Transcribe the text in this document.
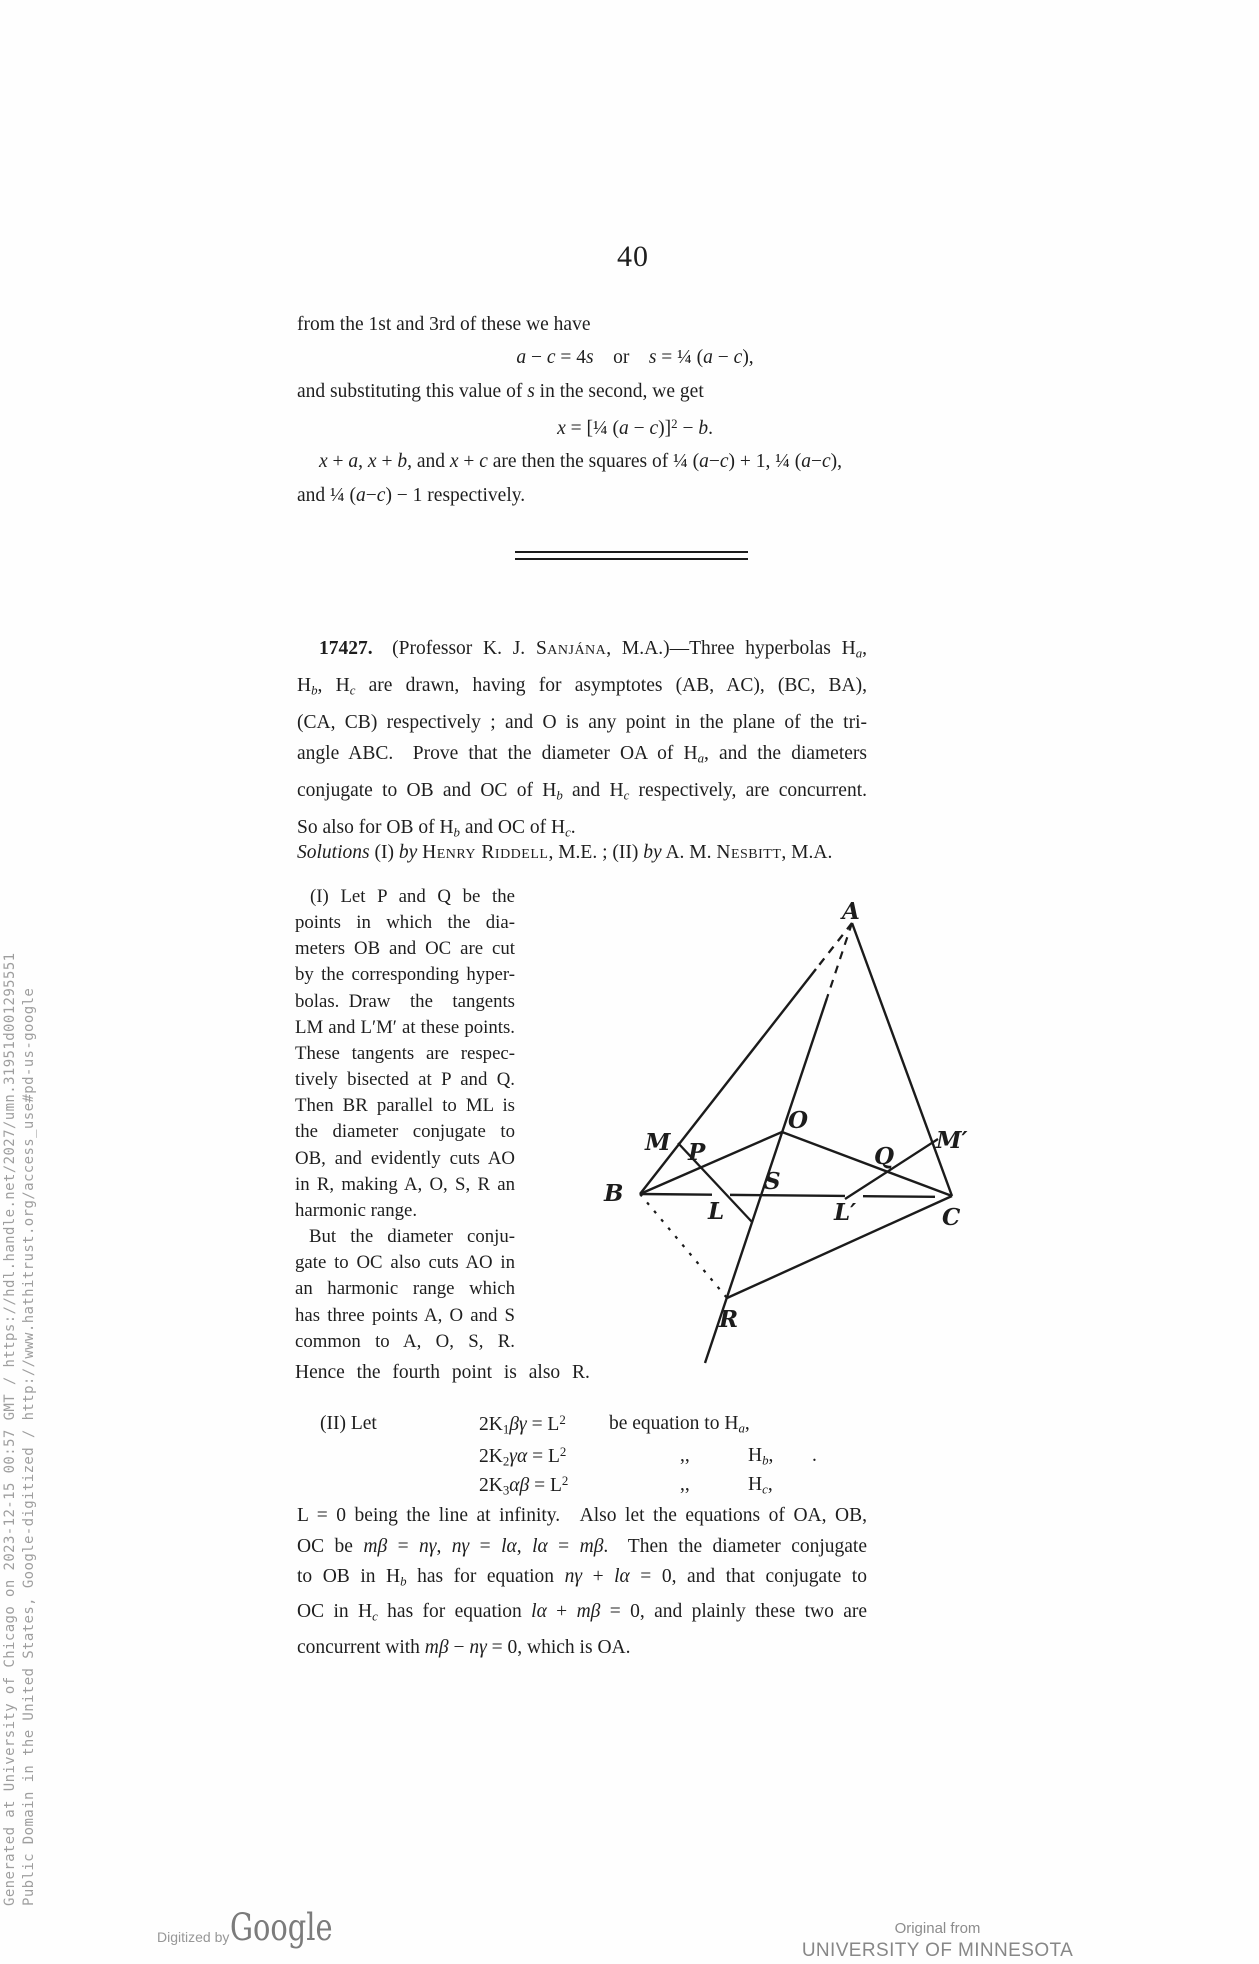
Generated at University of Chicago on 2023-12-15 00:57 GMT / https://hdl.handle.net/2027/umn.31951d001295551 Public Domain in the United States, Google-digitized / http://www.hathitrust.org/access_use#pd-us-google
40
from the 1st and 3rd of these we have
a − c = 4s  or  s = ¼ (a − c),
and substituting this value of s in the second, we get
x = [¼ (a − c)]$^2$ − b.
x + a, x + b, and x + c are then the squares of ¼ (a−c) + 1, ¼ (a−c),
and ¼ (a−c) − 1 respectively.
17427.  (Professor K. J. Sanjána, M.A.)—Three hyperbolas $H_a$,
$H_b$, $H_c$ are drawn, having for asymptotes (AB, AC), (BC, BA),
(CA, CB) respectively ; and O is any point in the plane of the tri-
angle ABC.  Prove that the diameter OA of $H_a$, and the diameters
conjugate to OB and OC of $H_b$ and $H_c$ respectively, are concurrent.
So also for OB of $H_b$ and OC of $H_c$.
Solutions (I) by Henry Riddell, M.E. ; (II) by A. M. Nesbitt, M.A.
(I) Let P and Q be the
points in which the dia-
meters OB and OC are cut
by the corresponding hyper-
bolas. Draw the tangents
LM and L′M′ at these points.
These tangents are respec-
tively bisected at P and Q.
Then BR parallel to ML is
the diameter conjugate to
OB, and evidently cuts AO
in R, making A, O, S, R an
harmonic range.
But the diameter conju-
gate to OC also cuts AO in
an harmonic range which
has three points A, O and S
common to A, O, S, R.
Hence the fourth point is also R.
A
B
C
M P
O
M′
Q
S
L	L′
R
(II) Let	$2K_1\beta\gamma = L^2$ be equation to $H_a$,
$2K_2\gamma\alpha = L^2$	,,	$H_b$, .
$2K_3\alpha\beta = L^2$	,,	$H_c$,
L = 0 being the line at infinity.  Also let the equations of OA, OB,
OC be mβ = nγ, nγ = lα, lα = mβ.  Then the diameter conjugate
to OB in $H_b$ has for equation nγ + lα = 0, and that conjugate to
OC in $H_c$ has for equation lα + mβ = 0, and plainly these two are
concurrent with mβ − nγ = 0, which is OA.
Digitized by Google	Original from
UNIVERSITY OF MINNESOTA
